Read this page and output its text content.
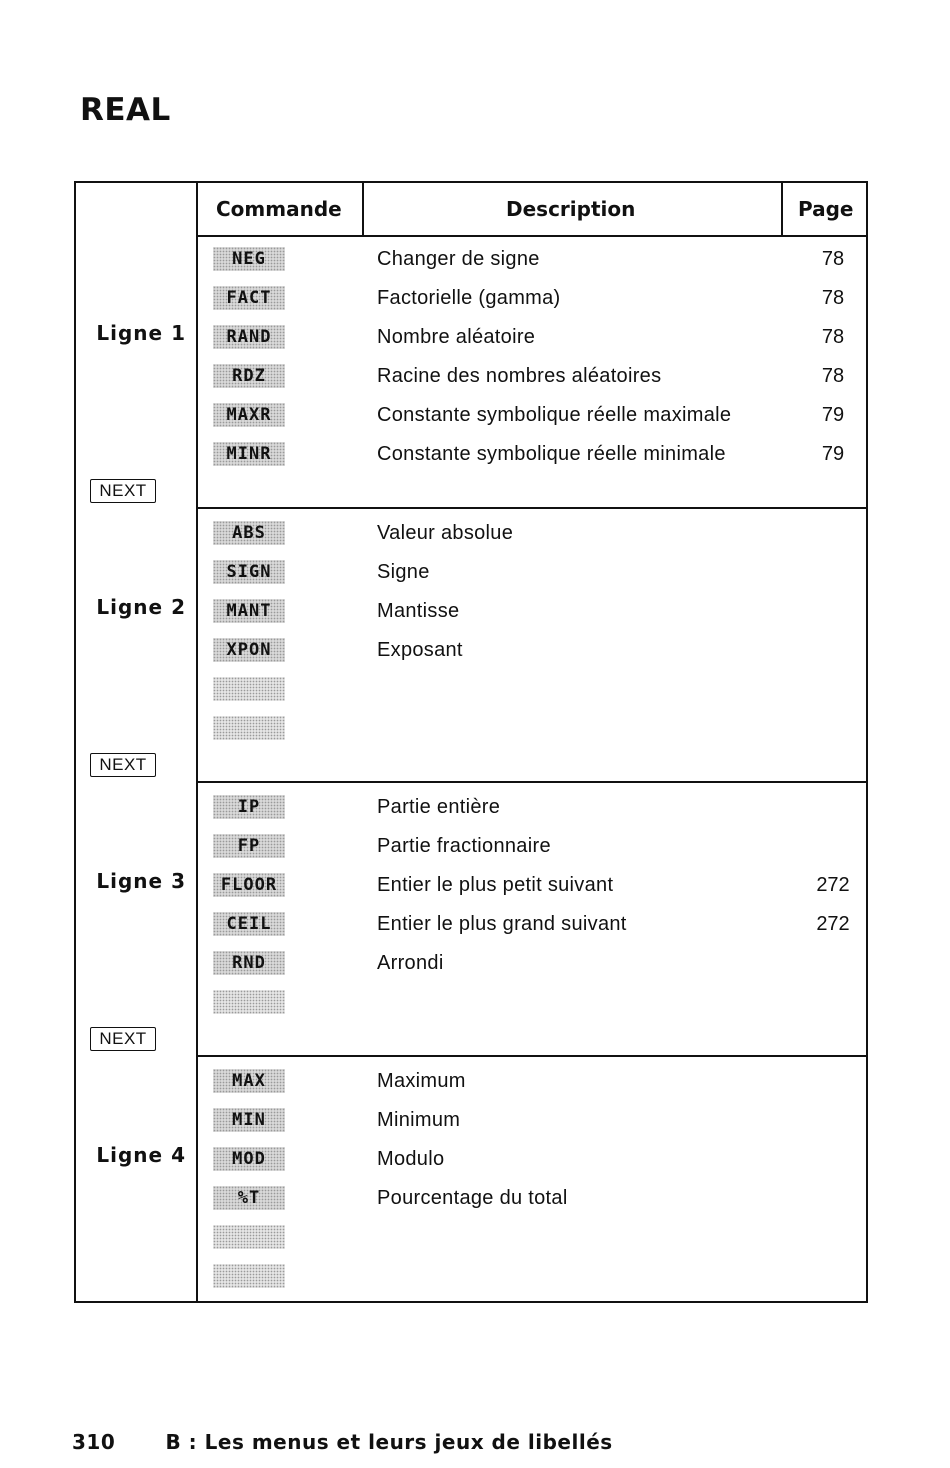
REAL
Commande	Description	Page
Ligne 1
NEXT
NEG	Changer de signe	78
FACT	Factorielle (gamma)	78
RAND	Nombre aléatoire	78
RDZ	Racine des nombres aléatoires	78
MAXR	Constante symbolique réelle maximale	79
MINR	Constante symbolique réelle minimale	79
Ligne 2
NEXT
ABS	Valeur absolue
SIGN	Signe
MANT	Mantisse
XPON	Exposant
Ligne 3
NEXT
IP	Partie entière
FP	Partie fractionnaire
FLOOR	Entier le plus petit suivant	272
CEIL	Entier le plus grand suivant	272
RND	Arrondi
Ligne 4
MAX	Maximum
MIN	Minimum
MOD	Modulo
%T	Pourcentage du total
310	B : Les menus et leurs jeux de libellés
